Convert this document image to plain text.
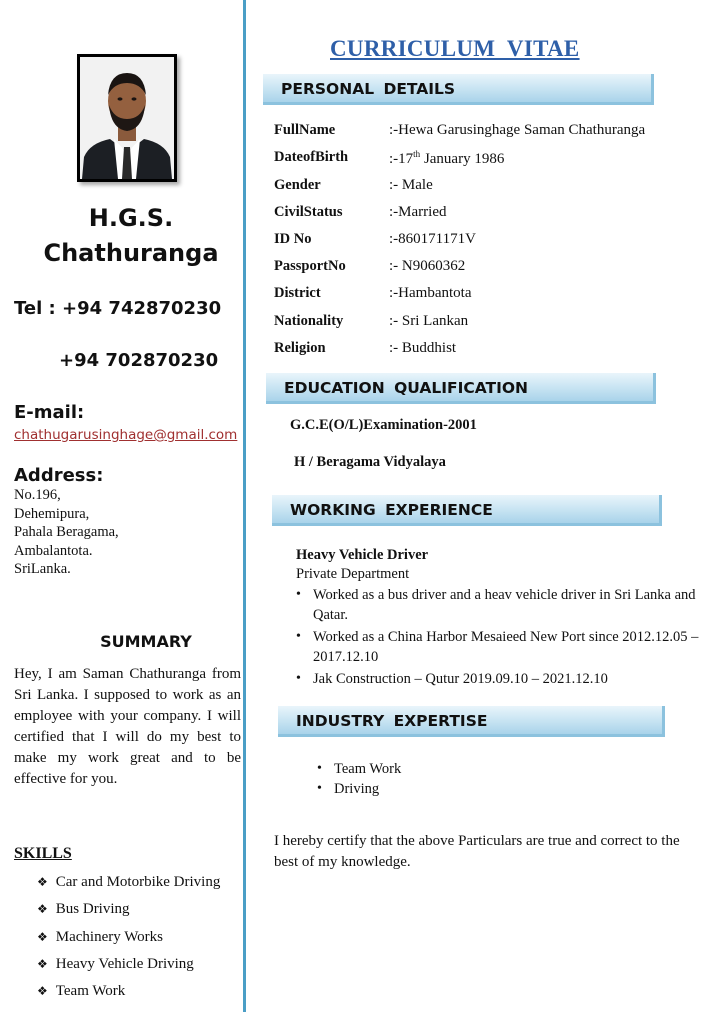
H.G.S.
Chathuranga
Tel : +94 742870230
+94 702870230
E-mail:
chathugarusinghage@gmail.com
Address:
No.196,
Dehemipura,
Pahala Beragama,
Ambalantota.
SriLanka.
SUMMARY
Hey, I am Saman Chathuranga from Sri Lanka. I supposed to work as an employee with your company. I will certified that I will do my best to make my work great and to be effective for you.
SKILLS
❖ Car and Motorbike Driving
❖ Bus Driving
❖ Machinery Works
❖ Heavy Vehicle Driving
❖ Team Work
CURRICULUM VITAE
PERSONAL DETAILS
FullName	:-Hewa Garusinghage Saman Chathuranga
DateofBirth	:-17th January 1986
Gender	:- Male
CivilStatus	:-Married
ID No	:-860171171V
PassportNo	:- N9060362
District	:-Hambantota
Nationality	:- Sri Lankan
Religion	:- Buddhist
EDUCATION QUALIFICATION
G.C.E(O/L)Examination-2001
H / Beragama Vidyalaya
WORKING EXPERIENCE
Heavy Vehicle Driver
Private Department
• Worked as a bus driver and a heav vehicle driver in Sri Lanka and Qatar.
• Worked as a China Harbor Mesaieed New Port since 2012.12.05 – 2017.12.10
• Jak Construction – Qutur 2019.09.10 – 2021.12.10
INDUSTRY EXPERTISE
• Team Work
• Driving
I hereby certify that the above Particulars are true and correct to the best of my knowledge.
